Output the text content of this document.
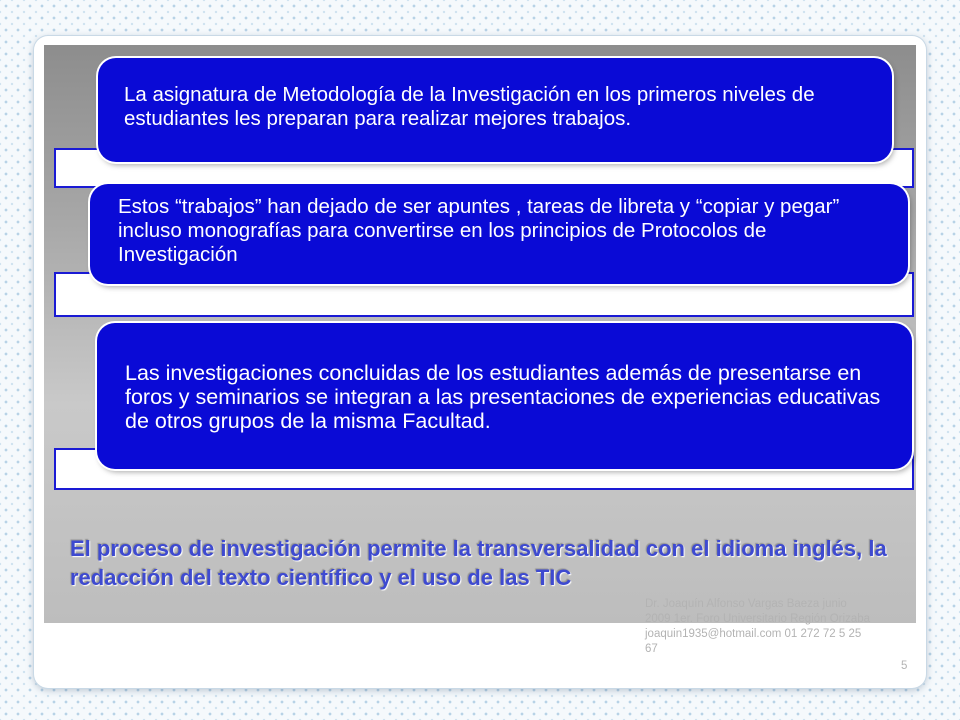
La asignatura de Metodología de la Investigación en los primeros niveles de estudiantes les preparan para realizar mejores trabajos.
Estos “trabajos” han dejado de ser apuntes , tareas de libreta y “copiar y pegar” incluso monografías para convertirse en los principios de Protocolos de Investigación
Las investigaciones concluidas de los estudiantes además de presentarse en foros y seminarios se integran a las presentaciones de experiencias educativas de otros grupos de la misma Facultad.
El proceso de investigación permite la transversalidad con el idioma inglés, la redacción del texto científico y el uso de las TIC
Dr. Joaquín Alfonso Vargas Baeza junio 2009 1er. Foro Universitario Región Orizaba joaquin1935@hotmail.com 01 272 72 5 25 67
5
